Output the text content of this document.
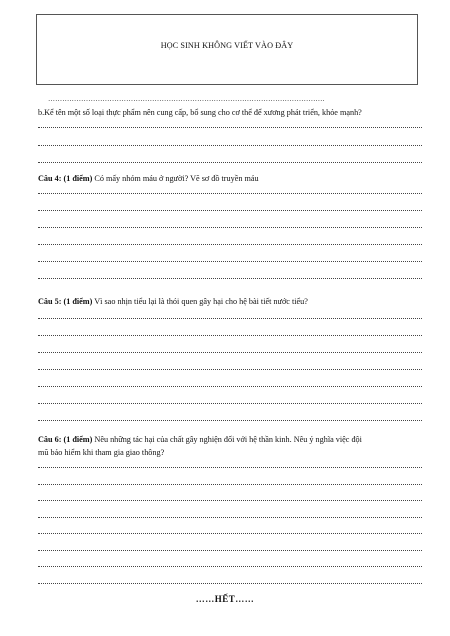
HỌC SINH KHÔNG VIẾT VÀO ĐÂY
………………………………………………………………………………………………………
b.Kể tên một số loại thực phẩm nên cung cấp, bổ sung cho cơ thể để xương phát triển, khỏe mạnh?
Câu 4: (1 điểm) Có mấy nhóm máu ở người? Vẽ sơ đồ truyền máu
Câu 5: (1 điểm) Vì sao nhịn tiểu lại là thói quen gây hại cho hệ bài tiết nước tiểu?
Câu 6: (1 điểm) Nêu những tác hại của chất gây nghiện đối với hệ thần kinh. Nêu ý nghĩa việc đội
mũ bảo hiểm khi tham gia giao thông?
……HẾT……
